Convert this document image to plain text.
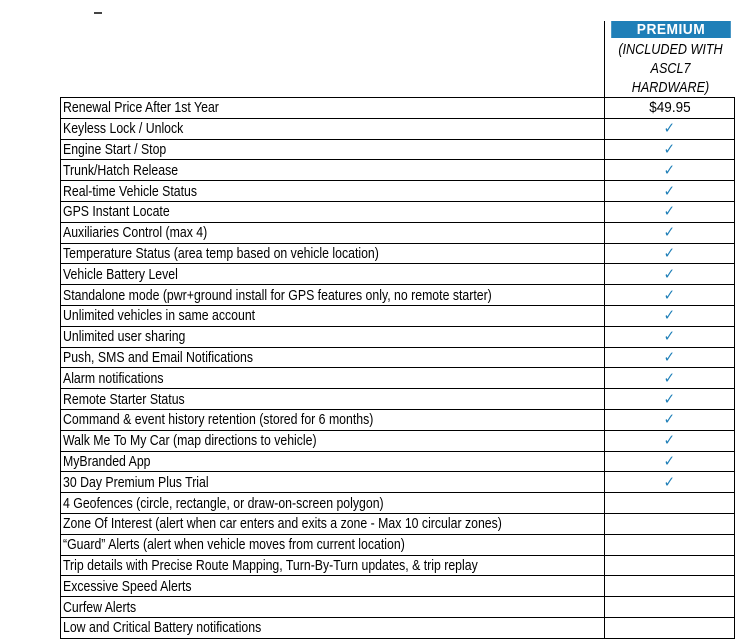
PREMIUM
(INCLUDED WITH
ASCL7 HARDWARE)
Renewal Price After 1st Year	$49.95
Keyless Lock / Unlock	✓
Engine Start / Stop	✓
Trunk/Hatch Release	✓
Real-time Vehicle Status	✓
GPS Instant Locate	✓
Auxiliaries Control (max 4)	✓
Temperature Status (area temp based on vehicle location)	✓
Vehicle Battery Level	✓
Standalone mode (pwr+ground install for GPS features only, no remote starter)	✓
Unlimited vehicles in same account	✓
Unlimited user sharing	✓
Push, SMS and Email Notifications	✓
Alarm notifications	✓
Remote Starter Status	✓
Command & event history retention (stored for 6 months)	✓
Walk Me To My Car (map directions to vehicle)	✓
MyBranded App	✓
30 Day Premium Plus Trial	✓
4 Geofences (circle, rectangle, or draw-on-screen polygon)	
Zone Of Interest (alert when car enters and exits a zone - Max 10 circular zones)	
“Guard” Alerts (alert when vehicle moves from current location)	
Trip details with Precise Route Mapping, Turn-By-Turn updates, & trip replay	
Excessive Speed Alerts	
Curfew Alerts	
Low and Critical Battery notifications	
